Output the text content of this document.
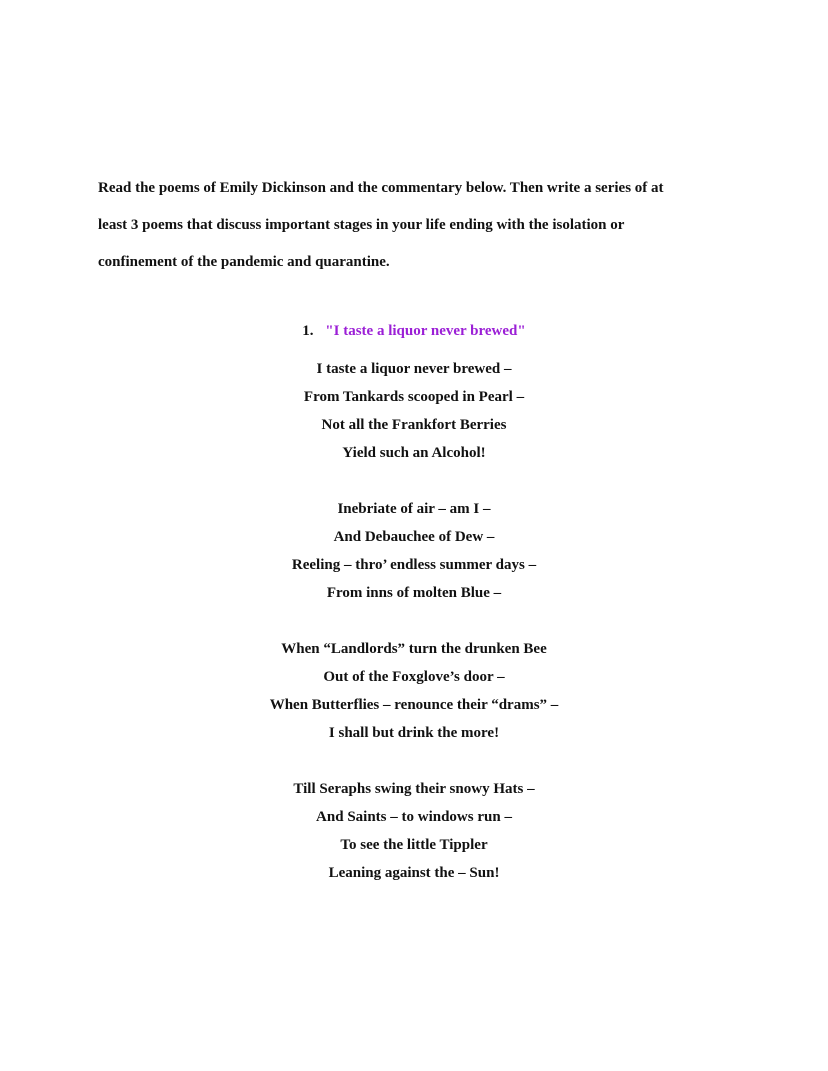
Read the poems of Emily Dickinson and the commentary below. Then write a series of at

least 3 poems that discuss important stages in your life ending with the isolation or

confinement of the pandemic and quarantine.

1. "I taste a liquor never brewed"
I taste a liquor never brewed –
From Tankards scooped in Pearl –
Not all the Frankfort Berries
Yield such an Alcohol!
Inebriate of air – am I –
And Debauchee of Dew –
Reeling – thro’ endless summer days –
From inns of molten Blue –
When “Landlords” turn the drunken Bee
Out of the Foxglove’s door –
When Butterflies – renounce their “drams” –
I shall but drink the more!
Till Seraphs swing their snowy Hats –
And Saints – to windows run –
To see the little Tippler
Leaning against the – Sun!
